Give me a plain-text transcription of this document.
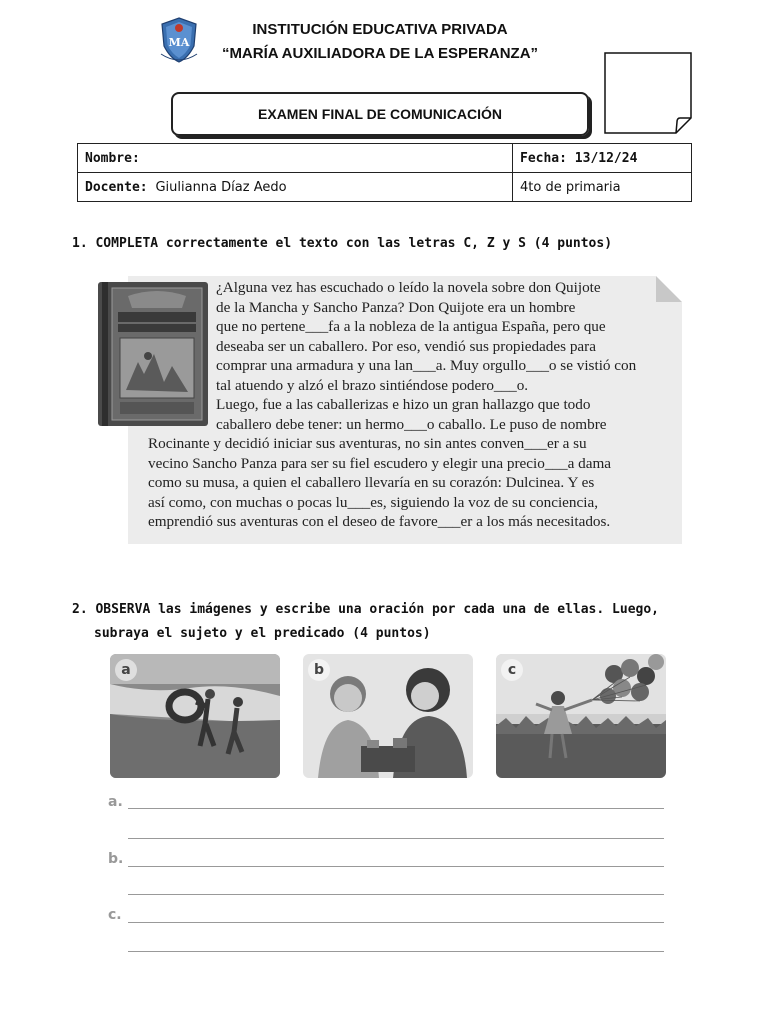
MA
INSTITUCIÓN EDUCATIVA PRIVADA
“MARÍA AUXILIADORA DE LA ESPERANZA”
EXAMEN FINAL DE COMUNICACIÓN
Nombre:	Fecha: 13/12/24
Docente: Giulianna Díaz Aedo	4to de primaria
1. COMPLETA correctamente el texto con las letras C, Z y S (4 puntos)

¿Alguna vez has escuchado o leído la novela sobre don Quijote

de la Mancha y Sancho Panza? Don Quijote era un hombre

que no pertene___fa a la nobleza de la antigua España, pero que

deseaba ser un caballero. Por eso, vendió sus propiedades para

comprar una armadura y una lan___a. Muy orgullo___o se vistió con

tal atuendo y alzó el brazo sintiéndose podero___o.

Luego, fue a las caballerizas e hizo un gran hallazgo que todo

caballero debe tener: un hermo___o caballo. Le puso de nombre

Rocinante y decidió iniciar sus aventuras, no sin antes conven___er a su

vecino Sancho Panza para ser su fiel escudero y elegir una precio___a dama

como su musa, a quien el caballero llevaría en su corazón: Dulcinea. Y es

así como, con muchas o pocas lu___es, siguiendo la voz de su conciencia,

emprendió sus aventuras con el deseo de favore___er a los más necesitados.

2. OBSERVA las imágenes y escribe una oración por cada una de ellas. Luego,
subraya el sujeto y el predicado (4 puntos)
a	b	c
a.
b.
c.
